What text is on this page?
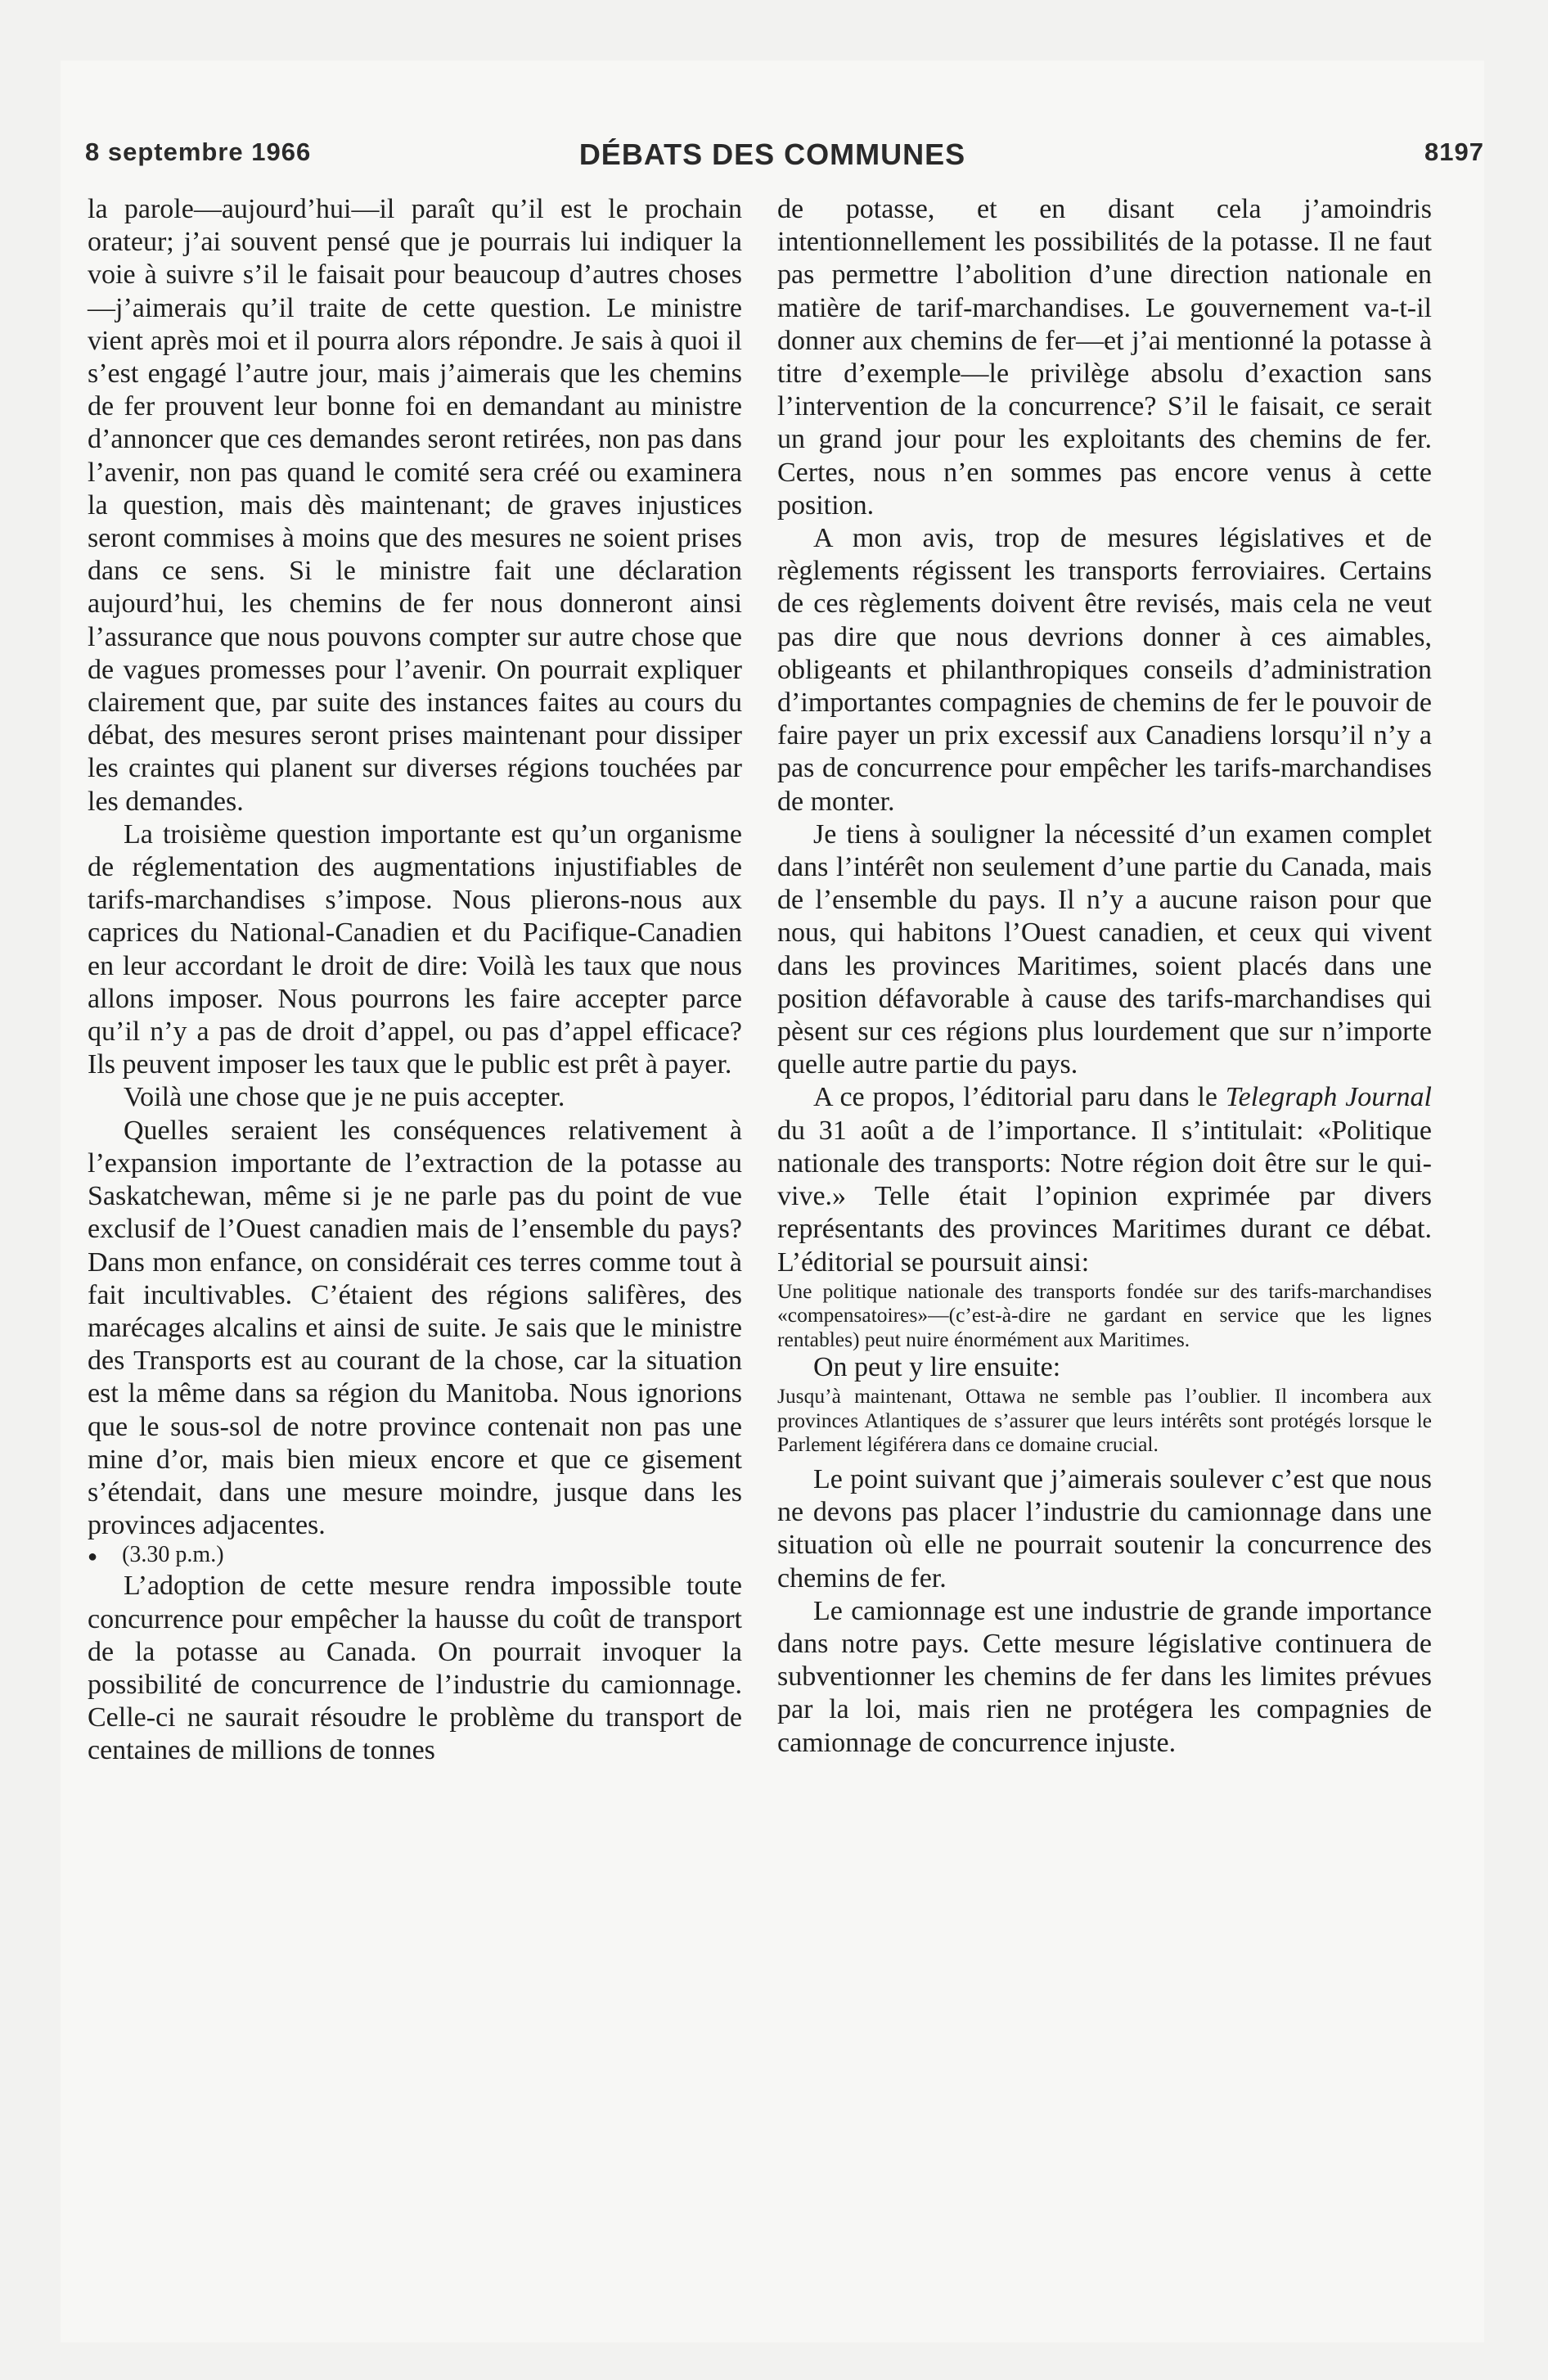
8 septembre 1966	DÉBATS DES COMMUNES	8197

la parole—aujourd’hui—il paraît qu’il est le prochain orateur; j’ai souvent pensé que je pourrais lui indiquer la voie à suivre s’il le faisait pour beaucoup d’autres choses—j’aimerais qu’il traite de cette question. Le ministre vient après moi et il pourra alors répondre. Je sais à quoi il s’est engagé l’autre jour, mais j’aimerais que les chemins de fer prouvent leur bonne foi en demandant au ministre d’annoncer que ces demandes seront retirées, non pas dans l’avenir, non pas quand le comité sera créé ou examinera la question, mais dès maintenant; de graves injustices seront commises à moins que des mesures ne soient prises dans ce sens. Si le ministre fait une déclaration aujourd’hui, les chemins de fer nous donneront ainsi l’assurance que nous pouvons compter sur autre chose que de vagues promesses pour l’avenir. On pourrait expliquer clairement que, par suite des instances faites au cours du débat, des mesures seront prises maintenant pour dissiper les craintes qui planent sur diverses régions touchées par les demandes.

La troisième question importante est qu’un organisme de réglementation des augmentations injustifiables de tarifs-marchandises s’impose. Nous plierons-nous aux caprices du National-Canadien et du Pacifique-Canadien en leur accordant le droit de dire: Voilà les taux que nous allons imposer. Nous pourrons les faire accepter parce qu’il n’y a pas de droit d’appel, ou pas d’appel efficace? Ils peuvent imposer les taux que le public est prêt à payer.

Voilà une chose que je ne puis accepter.

Quelles seraient les conséquences relativement à l’expansion importante de l’extraction de la potasse au Saskatchewan, même si je ne parle pas du point de vue exclusif de l’Ouest canadien mais de l’ensemble du pays? Dans mon enfance, on considérait ces terres comme tout à fait incultivables. C’étaient des régions salifères, des marécages alcalins et ainsi de suite. Je sais que le ministre des Transports est au courant de la chose, car la situation est la même dans sa région du Manitoba. Nous ignorions que le sous-sol de notre province contenait non pas une mine d’or, mais bien mieux encore et que ce gisement s’étendait, dans une mesure moindre, jusque dans les provinces adjacentes.

● (3.30 p.m.)

L’adoption de cette mesure rendra impossible toute concurrence pour empêcher la hausse du coût de transport de la potasse au Canada. On pourrait invoquer la possibilité de concurrence de l’industrie du camionnage. Celle-ci ne saurait résoudre le problème du transport de centaines de millions de tonnes

de potasse, et en disant cela j’amoindris intentionnellement les possibilités de la potasse. Il ne faut pas permettre l’abolition d’une direction nationale en matière de tarif-marchandises. Le gouvernement va-t-il donner aux chemins de fer—et j’ai mentionné la potasse à titre d’exemple—le privilège absolu d’exaction sans l’intervention de la concurrence? S’il le faisait, ce serait un grand jour pour les exploitants des chemins de fer. Certes, nous n’en sommes pas encore venus à cette position.

A mon avis, trop de mesures législatives et de règlements régissent les transports ferroviaires. Certains de ces règlements doivent être revisés, mais cela ne veut pas dire que nous devrions donner à ces aimables, obligeants et philanthropiques conseils d’administration d’importantes compagnies de chemins de fer le pouvoir de faire payer un prix excessif aux Canadiens lorsqu’il n’y a pas de concurrence pour empêcher les tarifs-marchandises de monter.

Je tiens à souligner la nécessité d’un examen complet dans l’intérêt non seulement d’une partie du Canada, mais de l’ensemble du pays. Il n’y a aucune raison pour que nous, qui habitons l’Ouest canadien, et ceux qui vivent dans les provinces Maritimes, soient placés dans une position défavorable à cause des tarifs-marchandises qui pèsent sur ces régions plus lourdement que sur n’importe quelle autre partie du pays.

A ce propos, l’éditorial paru dans le Telegraph Journal du 31 août a de l’importance. Il s’intitulait: «Politique nationale des transports: Notre région doit être sur le qui-vive.» Telle était l’opinion exprimée par divers représentants des provinces Maritimes durant ce débat. L’éditorial se poursuit ainsi:

Une politique nationale des transports fondée sur des tarifs-marchandises «compensatoires»—(c’est-à-dire ne gardant en service que les lignes rentables) peut nuire énormément aux Maritimes.

On peut y lire ensuite:

Jusqu’à maintenant, Ottawa ne semble pas l’oublier. Il incombera aux provinces Atlantiques de s’assurer que leurs intérêts sont protégés lorsque le Parlement légiférera dans ce domaine crucial.

Le point suivant que j’aimerais soulever c’est que nous ne devons pas placer l’industrie du camionnage dans une situation où elle ne pourrait soutenir la concurrence des chemins de fer.

Le camionnage est une industrie de grande importance dans notre pays. Cette mesure législative continuera de subventionner les chemins de fer dans les limites prévues par la loi, mais rien ne protégera les compagnies de camionnage de concurrence injuste.
